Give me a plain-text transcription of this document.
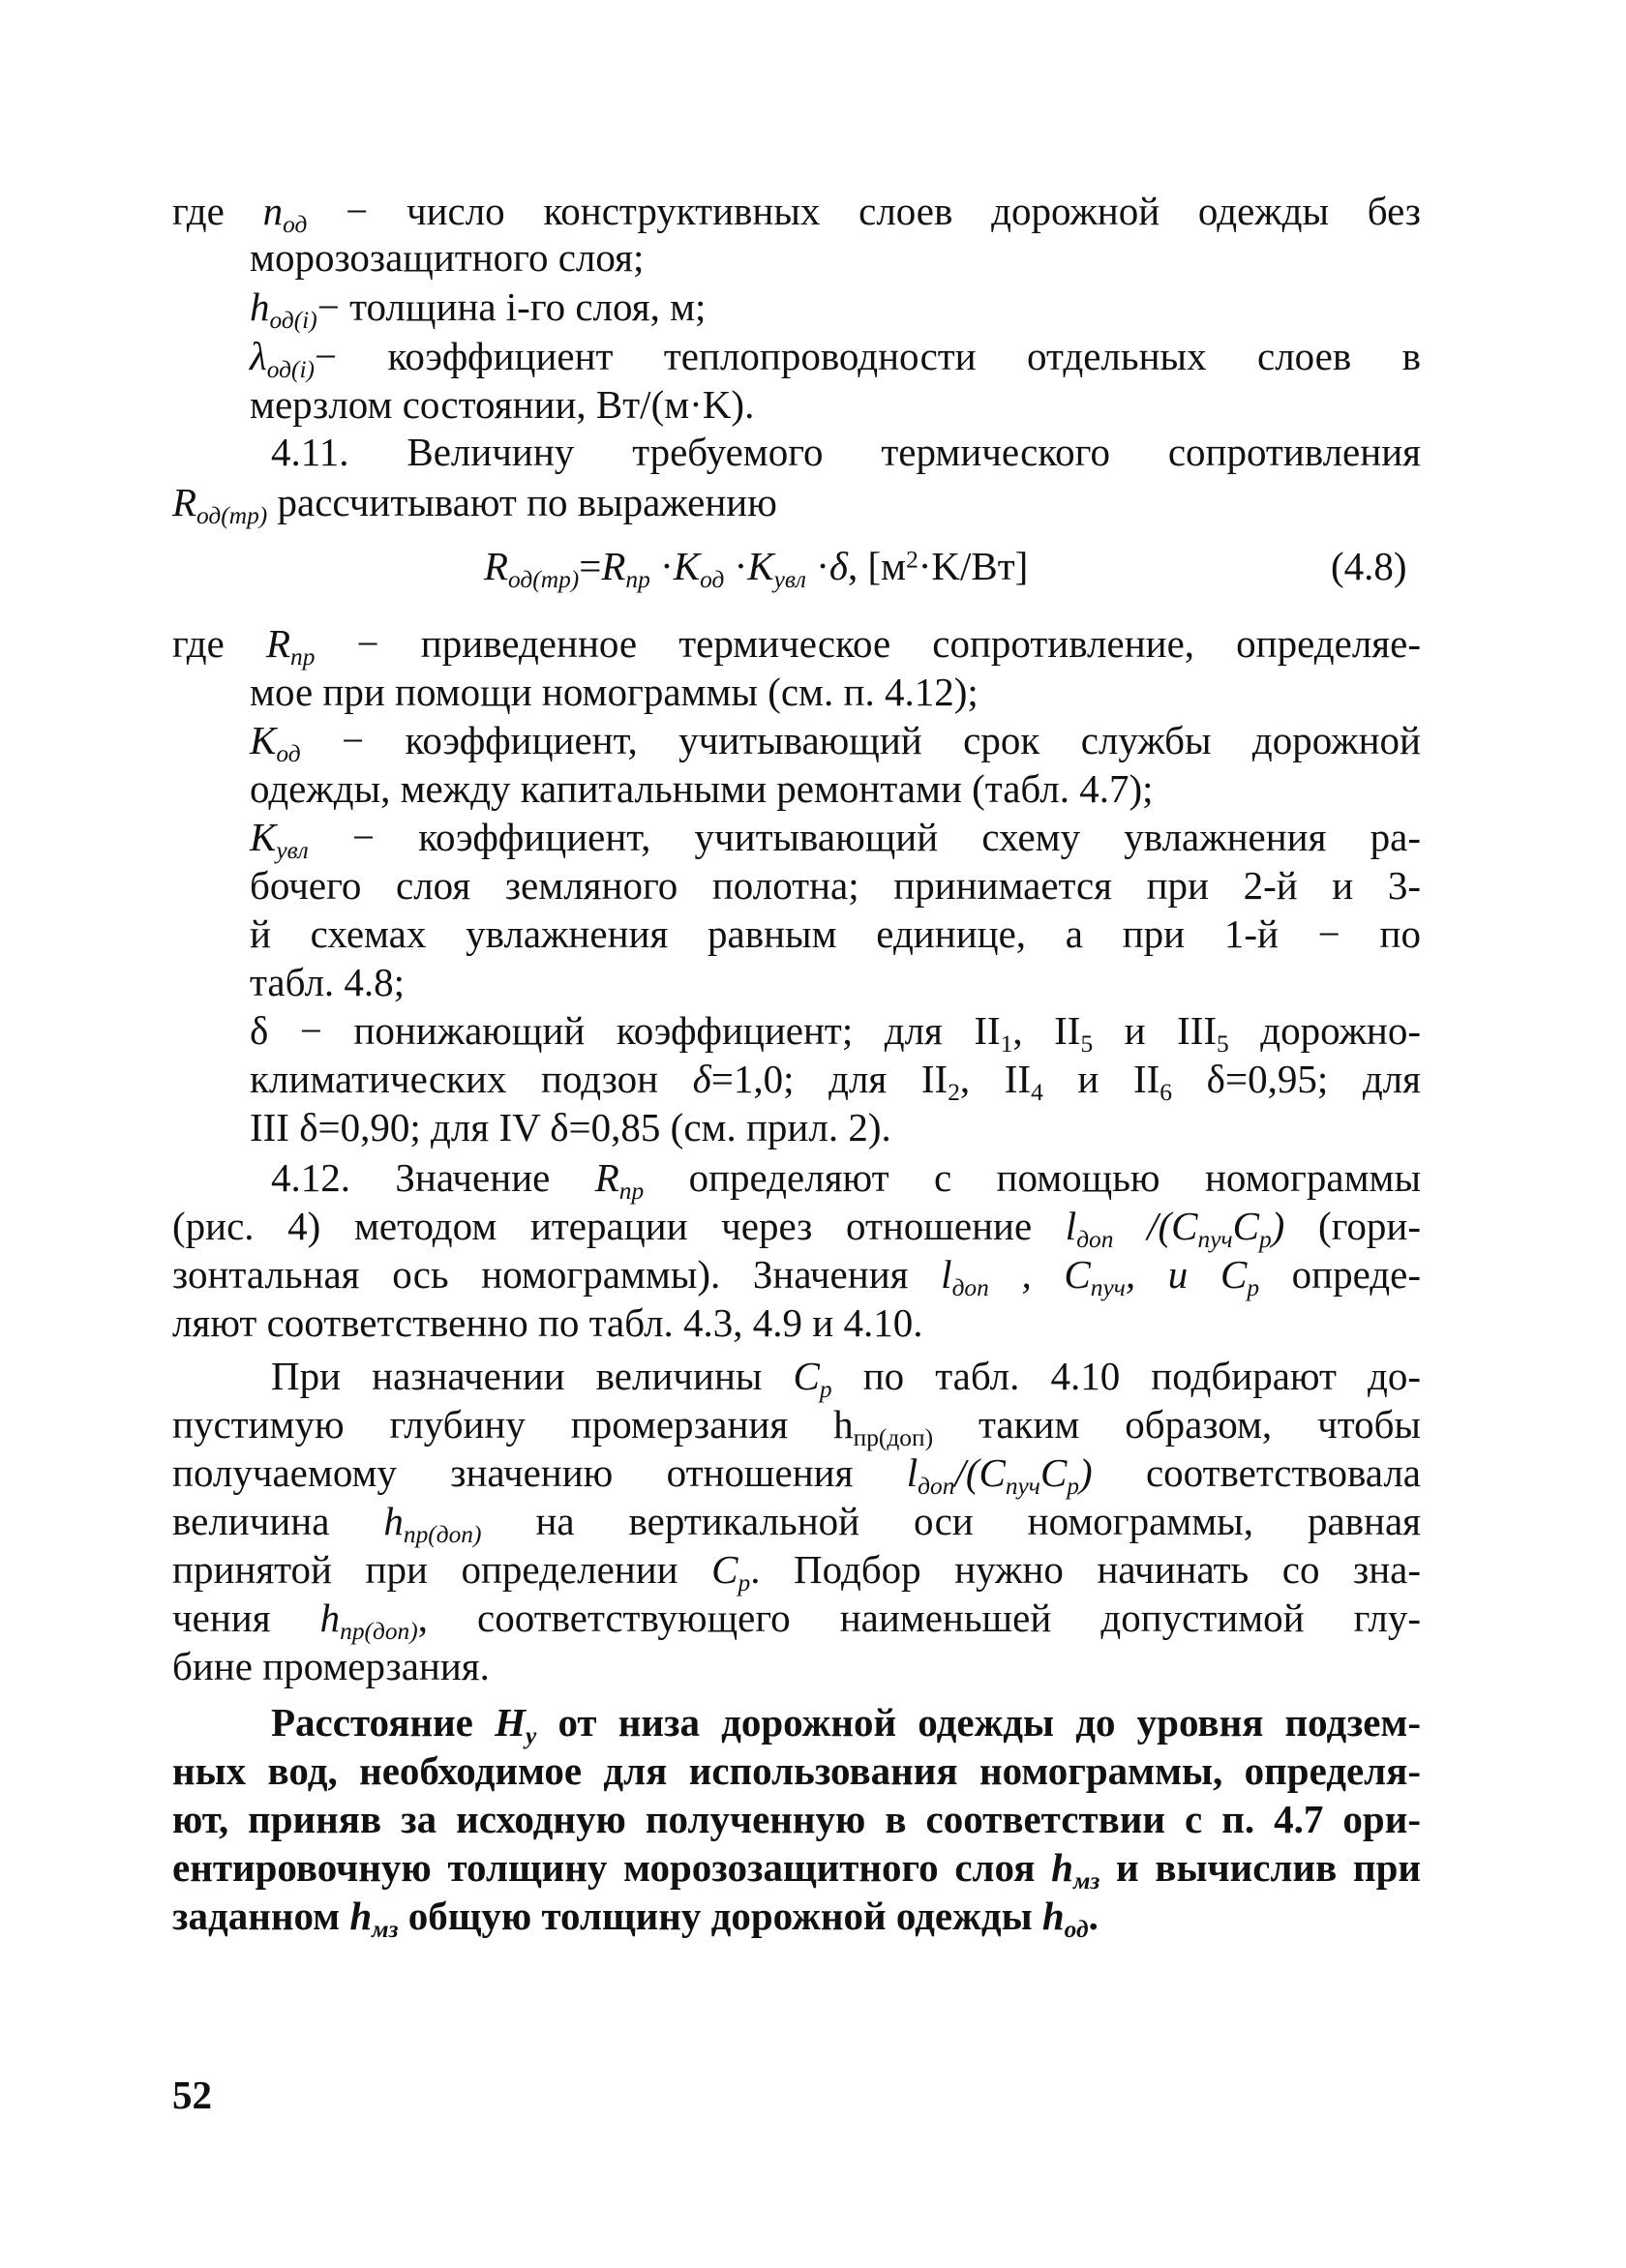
где $n_{од}$ − число конструктивных слоев дорожной одежды без
морозозащитного слоя;
$h_{од(i)}-$ толщина i-го слоя, м;
$\lambda_{од(i)}-$ коэффициент теплопроводности отдельных слоев в
мерзлом состоянии, Вт/(м·K).
4.11. Величину требуемого термического сопротивления
$R_{од(тр)}$ рассчитывают по выражению
$R_{од(тр)}=R_{пр} \cdot K_{од} \cdot K_{увл} \cdot\delta$, $[м^2\cdot K/Вт]$	(4.8)
где $R_{пр}$ − приведенное термическое сопротивление, определяе-
мое при помощи номограммы (см. п. 4.12);
$K_{од}$ − коэффициент, учитывающий срок службы дорожной
одежды, между капитальными ремонтами (табл. 4.7);
$K_{увл}$ − коэффициент, учитывающий схему увлажнения ра-
бочего слоя земляного полотна; принимается при 2-й и 3-
й схемах увлажнения равным единице, а при 1-й − по
табл. 4.8;
δ − понижающий коэффициент; для $II_1$, $II_5$ и $III_5$ дорожно-
климатических подзон δ=1,0; для $II_2$, $II_4$ и $II_6$ δ=0,95; для
III δ=0,90; для IV δ=0,85 (см. прил. 2).
4.12. Значение $R_{пр}$ определяют с помощью номограммы
(рис. 4) методом итерации через отношение $l_{доп}$ $/(C_{пуч}C_р)$ (гори-
зонтальная ось номограммы). Значения $l_{доп}$ , $C_{пуч}$, и $C_р$ опреде-
ляют соответственно по табл. 4.3, 4.9 и 4.10.
При назначении величины $C_р$ по табл. 4.10 подбирают до-
пустимую глубину промерзания $h_{пр(доп)}$ таким образом, чтобы
получаемому значению отношения $l_{доп}/(C_{пуч}C_р)$ соответствовала
величина $h_{пр(доп)}$ на вертикальной оси номограммы, равная
принятой при определении $C_р$. Подбор нужно начинать со зна-
чения $h_{пр(доп)}$, соответствующего наименьшей допустимой глу-
бине промерзания.
Расстояние $H_y$ от низа дорожной одежды до уровня подзем-
ных вод, необходимое для использования номограммы, определя-
ют, приняв за исходную полученную в соответствии с п. 4.7 ори-
ентировочную толщину морозозащитного слоя $h_{мз}$ и вычислив при
заданном $h_{мз}$ общую толщину дорожной одежды $h_{од}$.
52
